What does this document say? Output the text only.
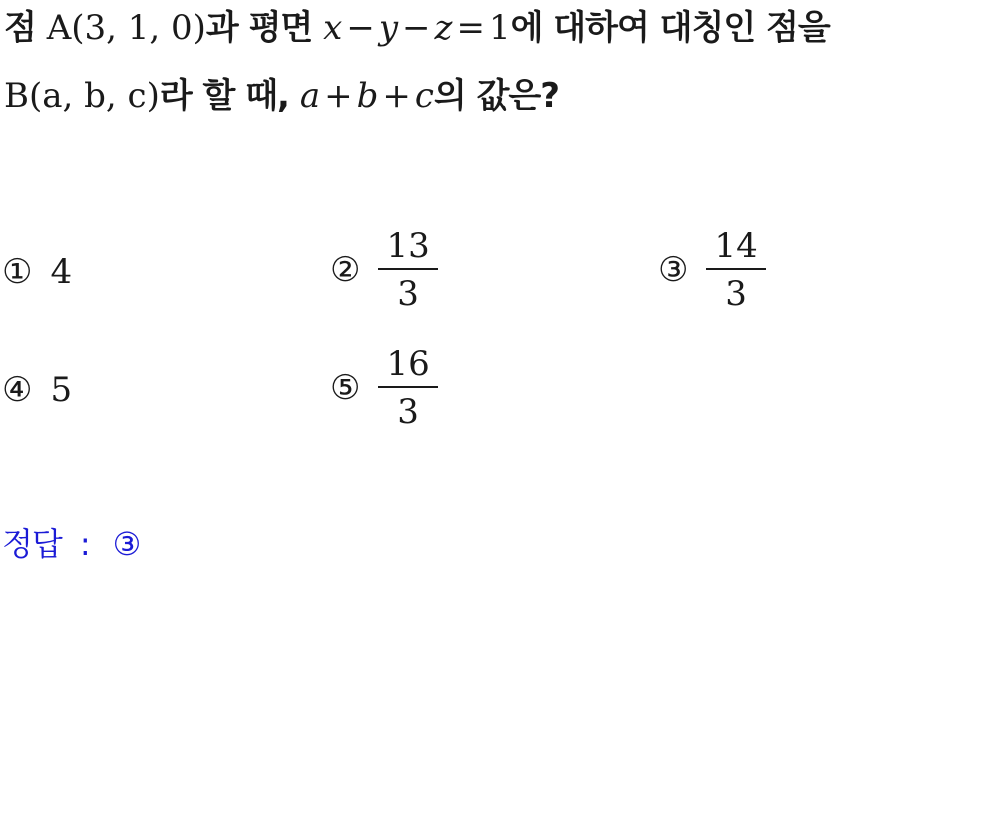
점 A(3, 1, 0)과 평면 x − y − z = 1에 대하여 대칭인 점을
B(a, b, c)라 할 때, a + b + c의 값은?
① 4	② $\frac{13}{3}$	③ $\frac{14}{3}$
④ 5	⑤ $\frac{16}{3}$
정답 : ③
